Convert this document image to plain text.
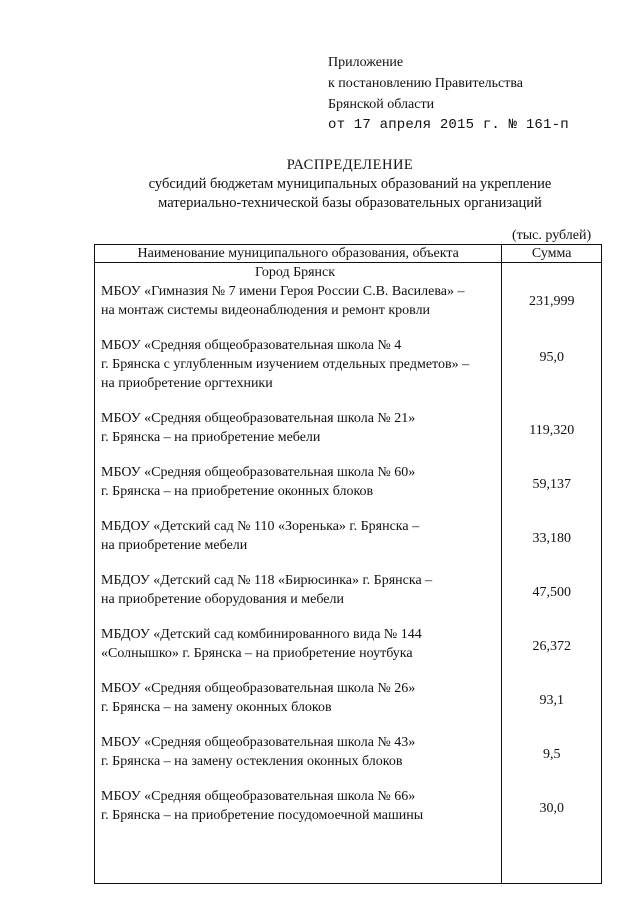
Приложение
к постановлению Правительства
Брянской области
от 17 апреля 2015 г. № 161-п
РАСПРЕДЕЛЕНИЕ
субсидий бюджетам муниципальных образований на укрепление
материально-технической базы образовательных организаций
(тыс. рублей)
Наименование муниципального образования, объекта	Сумма

Город Брянск	

МБОУ «Гимназия № 7 имени Героя России С.В. Василева» –
на монтаж системы видеонаблюдения и ремонт кровли	231,999

МБОУ «Средняя общеобразовательная школа № 4
г. Брянска с углубленным изучением отдельных предметов» –
на приобретение оргтехники	95,0

МБОУ «Средняя общеобразовательная школа № 21»
г. Брянска – на приобретение мебели	119,320

МБОУ «Средняя общеобразовательная школа № 60»
г. Брянска – на приобретение оконных блоков	59,137

МБДОУ «Детский сад № 110 «Зоренька» г. Брянска –
на приобретение мебели	33,180

МБДОУ «Детский сад № 118 «Бирюсинка» г. Брянска –
на приобретение оборудования и мебели	47,500

МБДОУ «Детский сад комбинированного вида № 144
«Солнышко» г. Брянска – на приобретение ноутбука	26,372

МБОУ «Средняя общеобразовательная школа № 26»
г. Брянска – на замену оконных блоков	93,1

МБОУ «Средняя общеобразовательная школа № 43»
г. Брянска – на замену остекления оконных блоков	9,5

МБОУ «Средняя общеобразовательная школа № 66»
г. Брянска – на приобретение посудомоечной машины	30,0
